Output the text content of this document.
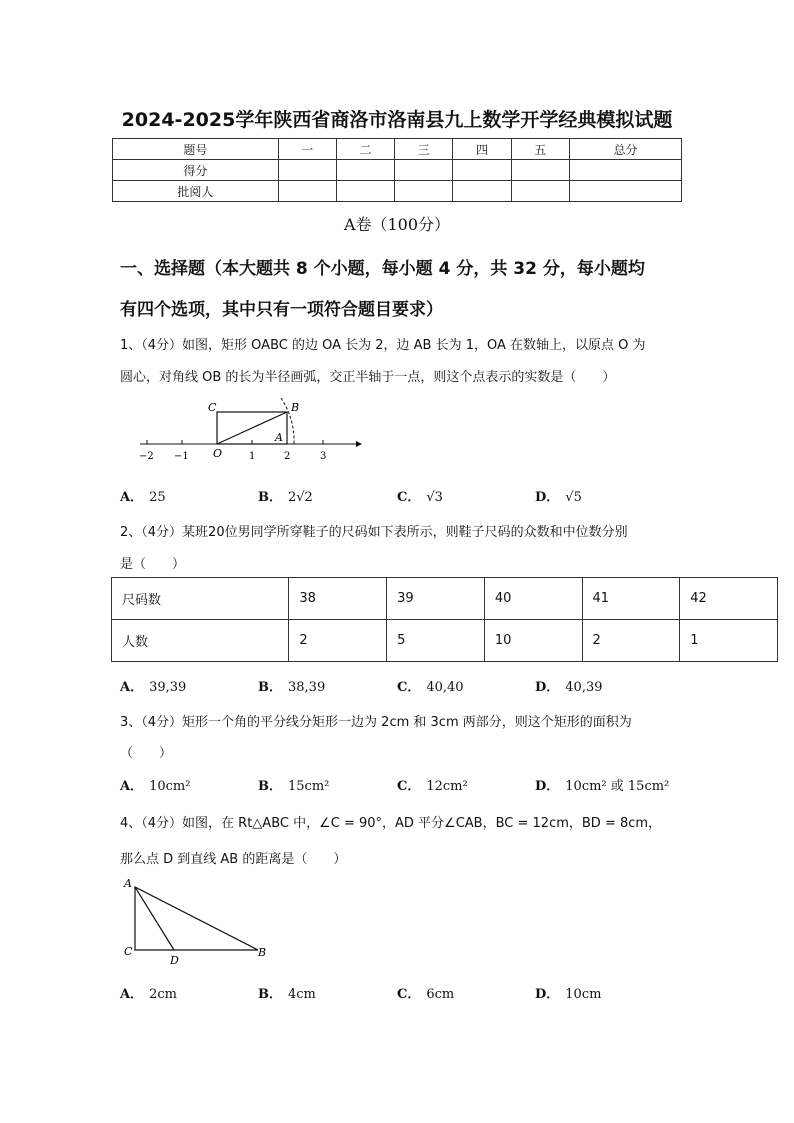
2024-2025学年陕西省商洛市洛南县九上数学开学经典模拟试题
题号	一	二	三	四	五	总分
得分						
批阅人						
A卷（100分）
一、选择题（本大题共 8 个小题，每小题 4 分，共 32 分，每小题均
有四个选项，其中只有一项符合题目要求）
1、（4分）如图，矩形 OABC 的边 OA 长为 2，边 AB 长为 1，OA 在数轴上，以原点 O 为
圆心，对角线 OB 的长为半径画弧，交正半轴于一点，则这个点表示的实数是（　　）
C	B
A
O
−2 −1	1	2	3
A． 25	B． 2√2	C． √3	D． √5
2、（4分）某班20位男同学所穿鞋子的尺码如下表所示，则鞋子尺码的众数和中位数分别
是（　　）
尺码数	38	39	40	41	42
人数	2	5	10	2	1
A． 39,39	B． 38,39	C． 40,40	D． 40,39
3、（4分）矩形一个角的平分线分矩形一边为 2cm 和 3cm 两部分，则这个矩形的面积为
（　　）
A． 10cm²	B． 15cm²	C． 12cm²	D． 10cm² 或 15cm²
4、（4分）如图，在 Rt△ABC 中，∠C = 90°，AD 平分∠CAB，BC = 12cm，BD = 8cm，
那么点 D 到直线 AB 的距离是（　　）
A
C
D
B
A． 2cm	B． 4cm	C． 6cm	D． 10cm
